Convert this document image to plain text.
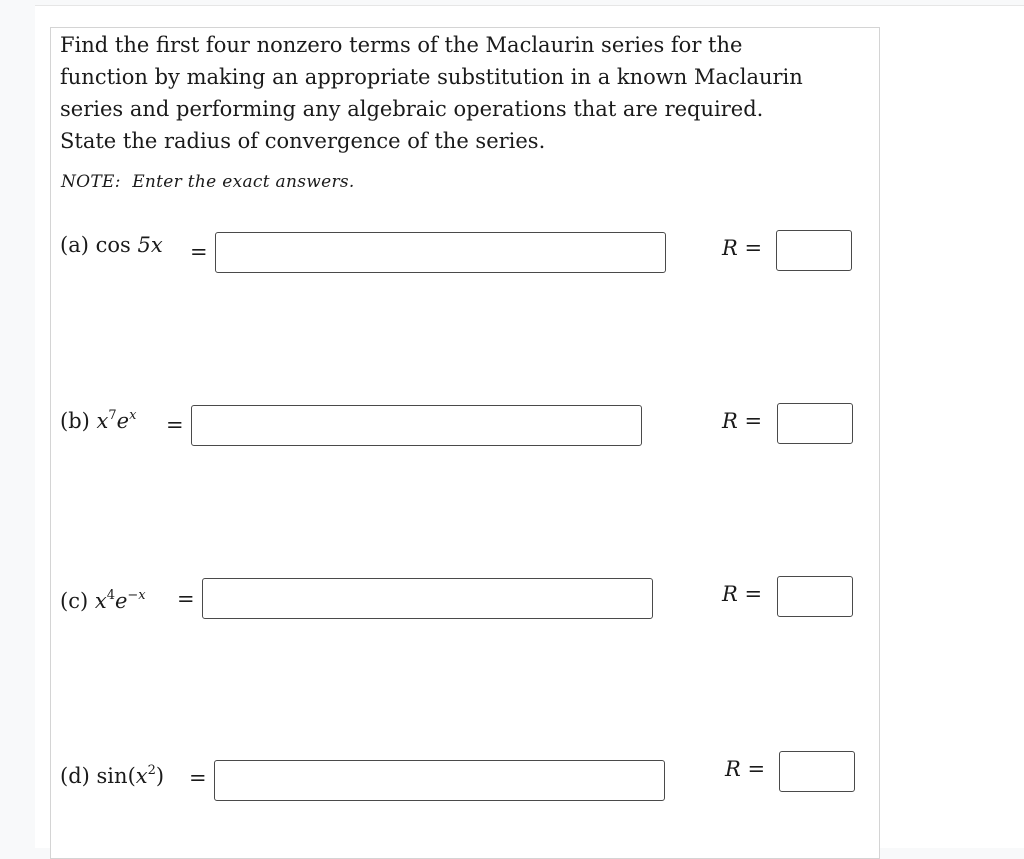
Find the first four nonzero terms of the Maclaurin series for the
function by making an appropriate substitution in a known Maclaurin
series and performing any algebraic operations that are required.
State the radius of convergence of the series.
NOTE:  Enter the exact answers.
(a) cos 5x =	R =
(b) $x^7e^x$ =	R =
(c) $x^4e^{-x}$ =	R =
(d) $\sin(x^2)$ =	R =
